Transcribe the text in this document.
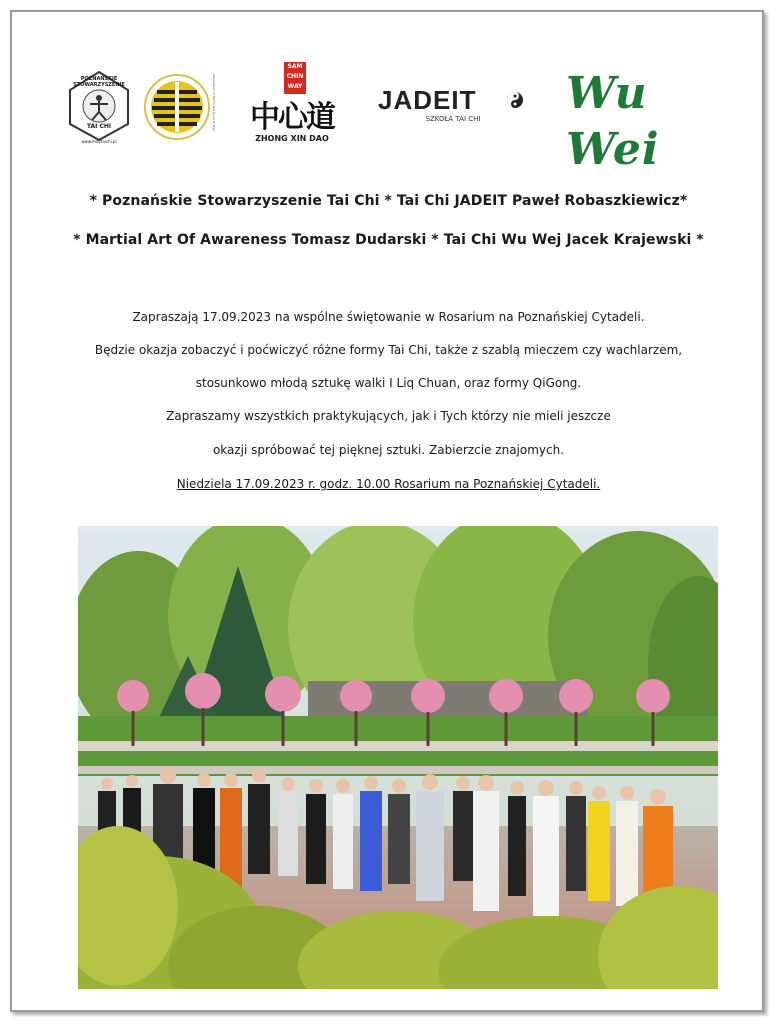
POZNAŃSKIE STOWARZYSZENIE
TAI CHI
www.moytaichi.pl
Association of TaiChi and Kung Fu Dao
SAM
CHIN
WAY
中心道
ZHONG XIN DAO
JADEIT
SZKOŁA TAI CHI Wu Wei
* Poznańskie Stowarzyszenie Tai Chi * Tai Chi JADEIT Paweł Robaszkiewicz*
* Martial Art Of Awareness Tomasz Dudarski * Tai Chi Wu Wej Jacek Krajewski *
Zapraszają 17.09.2023 na wspólne świętowanie w Rosarium na Poznańskiej Cytadeli.
Będzie okazja zobaczyć i poćwiczyć różne formy Tai Chi, także z szablą mieczem czy wachlarzem,
stosunkowo młodą sztukę walki I Liq Chuan, oraz formy QiGong.
Zapraszamy wszystkich praktykujących, jak i Tych którzy nie mieli jeszcze
okazji spróbować tej pięknej sztuki. Zabierzcie znajomych.
Niedziela 17.09.2023 r. godz. 10.00 Rosarium na Poznańskiej Cytadeli.
